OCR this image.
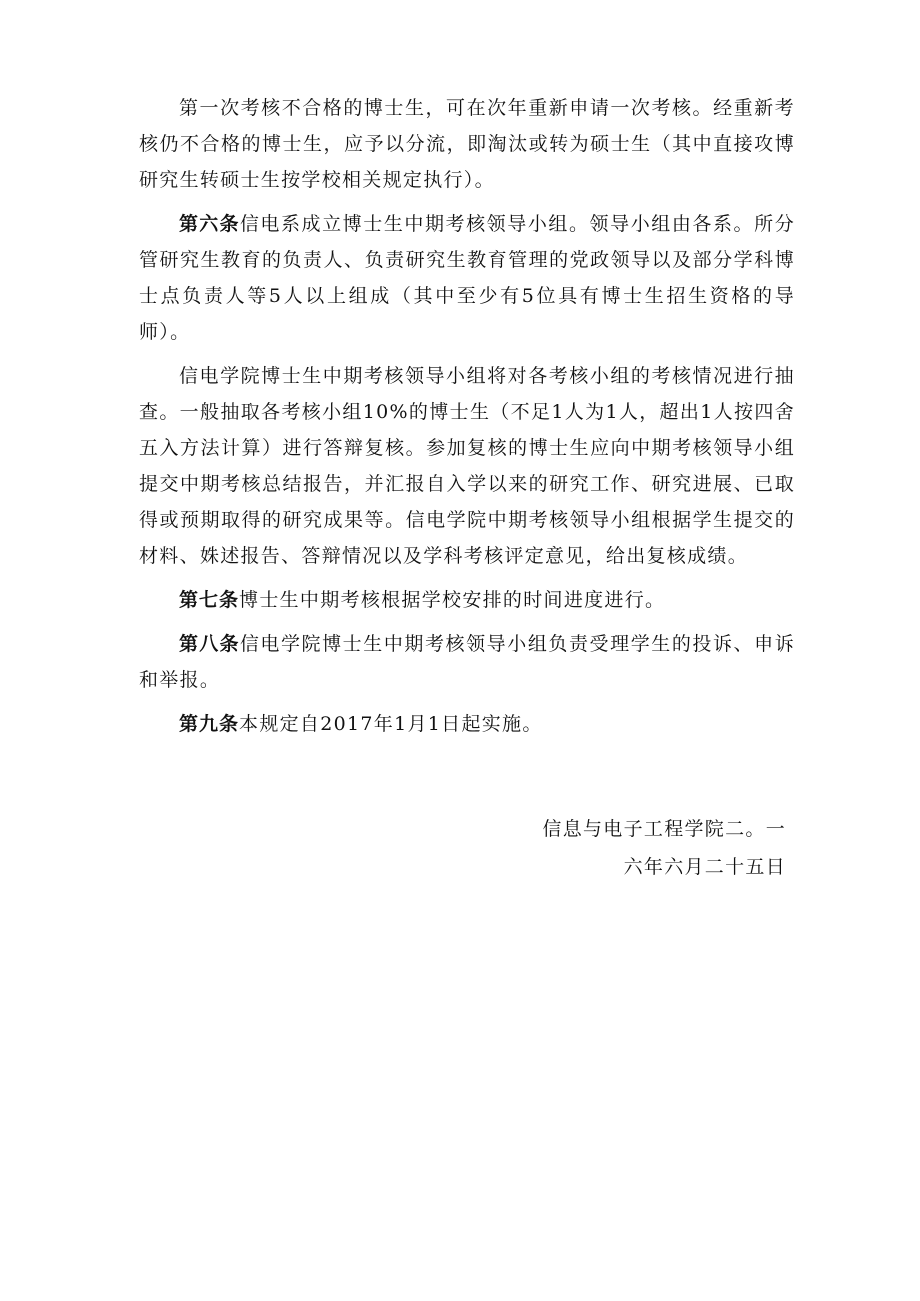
第一次考核不合格的博士生，可在次年重新申请一次考核。经重新考核仍不合格的博士生，应予以分流，即淘汰或转为硕士生（其中直接攻博研究生转硕士生按学校相关规定执行）。

第六条信电系成立博士生中期考核领导小组。领导小组由各系。所分管研究生教育的负责人、负责研究生教育管理的党政领导以及部分学科博士点负责人等5人以上组成（其中至少有5位具有博士生招生资格的导师）。

信电学院博士生中期考核领导小组将对各考核小组的考核情况进行抽查。一般抽取各考核小组10%的博士生（不足1人为1人，超出1人按四舍五入方法计算）进行答辩复核。参加复核的博士生应向中期考核领导小组提交中期考核总结报告，并汇报自入学以来的研究工作、研究进展、已取得或预期取得的研究成果等。信电学院中期考核领导小组根据学生提交的材料、姝述报告、答辩情况以及学科考核评定意见，给出复核成绩。

第七条博士生中期考核根据学校安排的时间进度进行。

第八条信电学院博士生中期考核领导小组负责受理学生的投诉、申诉和举报。

第九条本规定自2017年1月1日起实施。

信息与电子工程学院二。一
六年六月二十五日
